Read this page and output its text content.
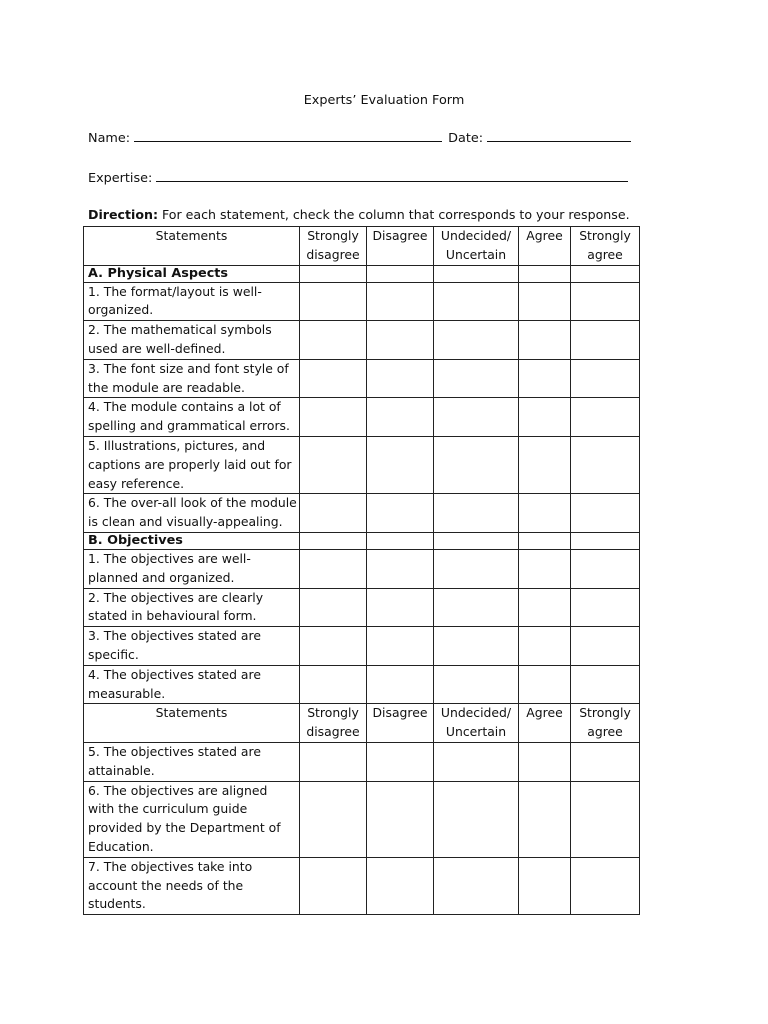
Experts’ Evaluation Form
Name:	Date:
Expertise:
Direction: For each statement, check the column that corresponds to your response.
Statements	Strongly disagree	Disagree	Undecided/ Uncertain	Agree	Strongly agree
A. Physical Aspects					
1. The format/layout is well-organized.					
2. The mathematical symbols used are well-defined.					
3. The font size and font style of the module are readable.					
4. The module contains a lot of spelling and grammatical errors.					
5. Illustrations, pictures, and captions are properly laid out for easy reference.					
6. The over-all look of the module is clean and visually-appealing.					
B. Objectives					
1. The objectives are well-planned and organized.					
2. The objectives are clearly stated in behavioural form.					
3. The objectives stated are specific.					
4. The objectives stated are measurable.					
Statements	Strongly disagree	Disagree	Undecided/ Uncertain	Agree	Strongly agree
5. The objectives stated are attainable.					
6. The objectives are aligned with the curriculum guide provided by the Department of Education.					
7. The objectives take into account the needs of the students.					
